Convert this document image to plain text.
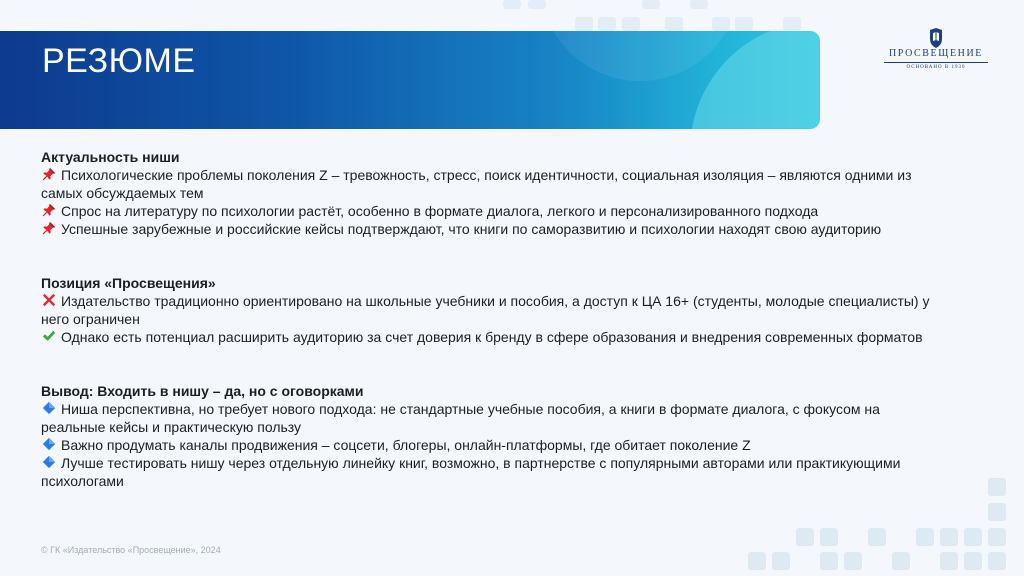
РЕЗЮМЕ	ПРОСВЕЩЕНИЕ
ОСНОВАНО В 1930
Актуальность ниши
Психологические проблемы поколения Z – тревожность, стресс, поиск идентичности, социальная изоляция – являются одними из самых обсуждаемых тем
Спрос на литературу по психологии растёт, особенно в формате диалога, легкого и персонализированного подхода
Успешные зарубежные и российские кейсы подтверждают, что книги по саморазвитию и психологии находят свою аудиторию
Позиция «Просвещения»
Издательство традиционно ориентировано на школьные учебники и пособия, а доступ к ЦА 16+ (студенты, молодые специалисты) у него ограничен
Однако есть потенциал расширить аудиторию за счет доверия к бренду в сфере образования и внедрения современных форматов
Вывод: Входить в нишу – да, но с оговорками
Ниша перспективна, но требует нового подхода: не стандартные учебные пособия, а книги в формате диалога, с фокусом на реальные кейсы и практическую пользу
Важно продумать каналы продвижения – соцсети, блогеры, онлайн-платформы, где обитает поколение Z
Лучше тестировать нишу через отдельную линейку книг, возможно, в партнерстве с популярными авторами или практикующими психологами
© ГК «Издательство «Просвещение», 2024
